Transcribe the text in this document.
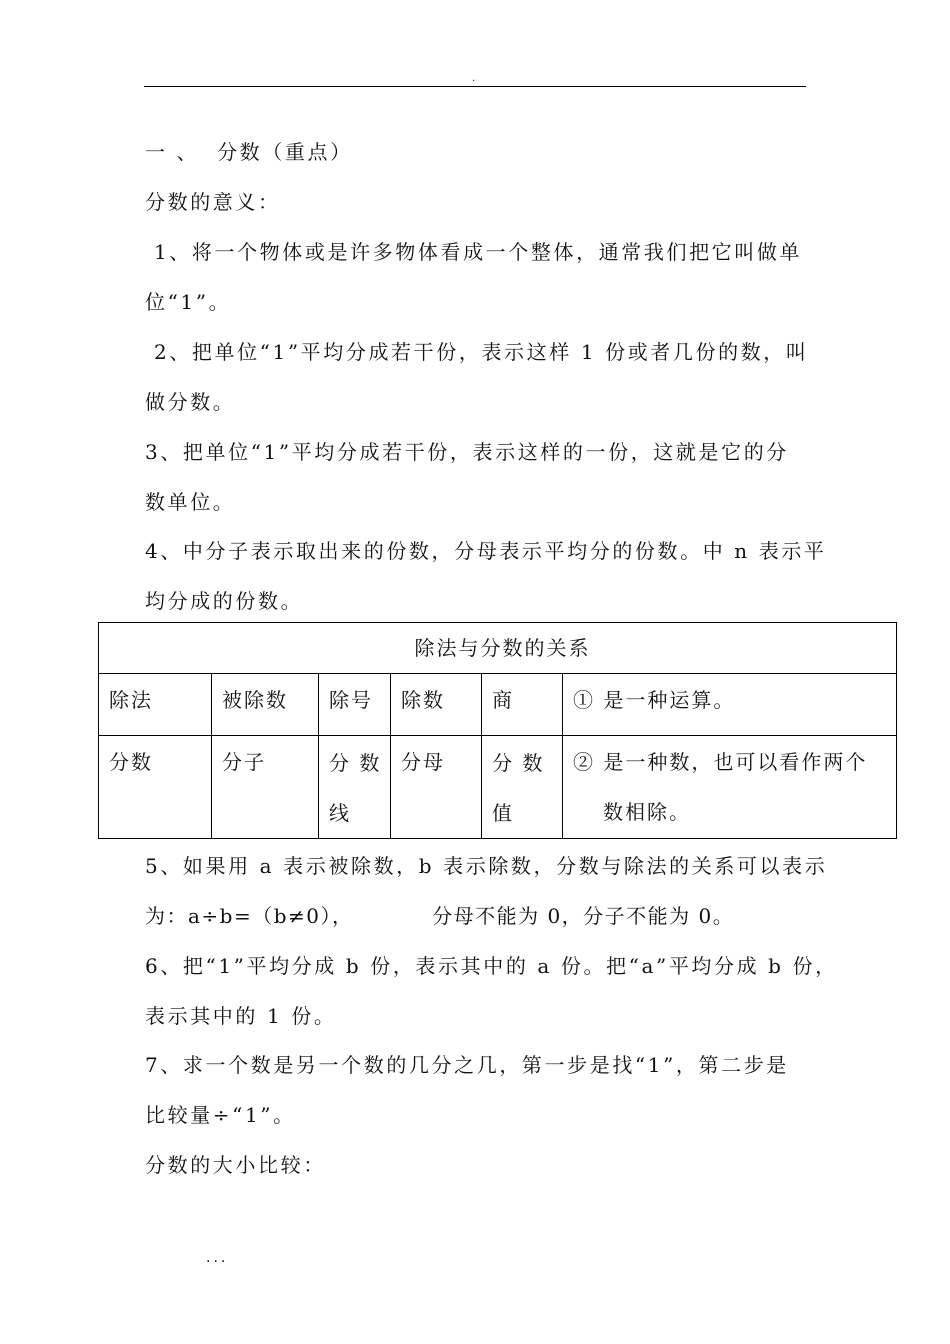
.
一 、  分数（重点）
分数的意义：
1、将一个物体或是许多物体看成一个整体，通常我们把它叫做单
位“1”。
2、把单位“1”平均分成若干份，表示这样 1 份或者几份的数，叫
做分数。
3、把单位“1”平均分成若干份，表示这样的一份，这就是它的分
数单位。
4、中分子表示取出来的份数，分母表示平均分的份数。中 n 表示平
均分成的份数。
除法与分数的关系					
除法	被除数	除号	除数	商	① 是一种运算。
分数	分子	分 数线	分母	分 数值	② 是一种数，也可以看作两个
数相除。
5、如果用 a 表示被除数，b 表示除数，分数与除法的关系可以表示
为：a÷b=（b≠0），          分母不能为 0，分子不能为 0。
6、把“1”平均分成 b 份，表示其中的 a 份。把“a”平均分成 b 份，
表示其中的 1 份。
7、求一个数是另一个数的几分之几，第一步是找“1”，第二步是
比较量÷“1”。
分数的大小比较：
...
